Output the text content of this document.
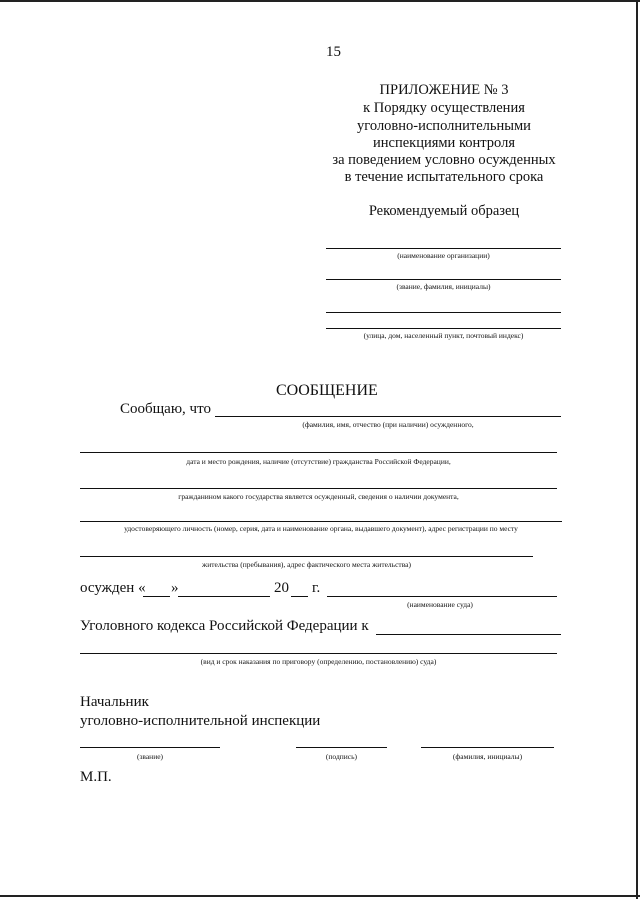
15
ПРИЛОЖЕНИЕ № 3
к Порядку осуществления
уголовно-исполнительными
инспекциями контроля
за поведением условно осужденных
в течение испытательного срока
Рекомендуемый образец
(наименование организации)
(звание, фамилия, инициалы)
(улица, дом, населенный пункт, почтовый индекс)
СООБЩЕНИЕ
Сообщаю, что
(фамилия, имя, отчество (при наличии) осужденного,
дата и место рождения, наличие (отсутствие) гражданства Российской Федерации,
гражданином какого государства является осужденный, сведения о наличии документа,
удостоверяющего личность (номер, серия, дата и наименование органа, выдавшего документ), адрес регистрации по месту
жительства (пребывания), адрес фактического места жительства)
осужден « »	20 г.
(наименование суда)
Уголовного кодекса Российской Федерации к
(вид и срок наказания по приговору (определению, постановлению) суда)
Начальник
уголовно-исполнительной инспекции
(звание)	(подпись)	(фамилия, инициалы)
М.П.
